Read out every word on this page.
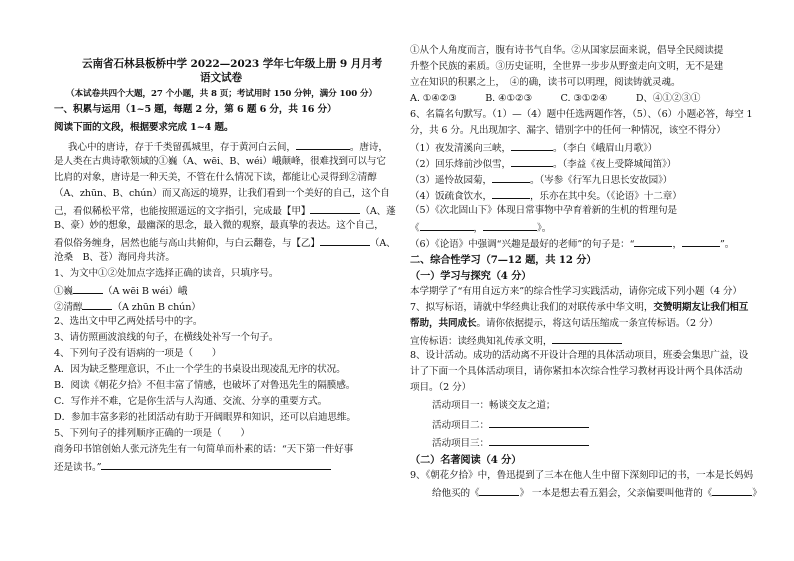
云南省石林县板桥中学 2022—2023 学年七年级上册 9 月月考
语文试卷
（本试卷共四个大题，27 个小题，共 8 页；考试用时 150 分钟，满分 100 分）
一、积累与运用（1~5 题，每题 2 分，第 6 题 6 分，共 16 分）
阅读下面的文段，根据要求完成 1~4 题。
我心中的唐诗，存于千类留孤城里，存于黄河白云间，	。唐诗，
是人类在古典诗歌领域的①巍（A、wēi、B、wéi）峨颠峰，很难找到可以与它
比肩的对象，唐诗是一种天美，不管在什么情况下读，都能让心灵得到②清醇
（A、zhūn、B、chún）而又高远的境界，让我们看到一个美好的自己，这个自
己，看似稀松平常，也能按照遥远的文字指引，完成最【甲】	（A、蓬
B、豪）妙的想象，最幽深的思念，最入微的观察，最真挚的表达。这个自己，
看似俗务缠身，居然也能与高山共俯仰，与白云翻卷，与【乙】	（A、
沧桑　B、苍）海同舟共济。
1、为文中①②处加点字选择正确的读音，只填序号。
①巍	（A wēi B wéi）峨
②清醇	（A zhūn B chún）
2、选出文中甲乙两处括号中的字。
3、请仿照画波浪线的句子，在横线处补写一个句子。
4、下列句子没有语病的一项是（　　）
A．因为缺乏整理意识，不止一个学生的书桌设出现凌乱无序的状况。
B．阅读《朝花夕拾》不但丰富了情感，也破坏了对鲁迅先生的隔膜感。
C．写作并不难，它是你生活与人沟通、交流、分享的重要方式。
D．参加丰富多彩的社团活动有助于开阔眼界和知识，还可以启迪思维。
5、下列句子的排列顺序正确的一项是（　　）
商务印书馆创始人张元济先生有一句简单而朴素的话：“天下第一件好事
还是读书。”
①从个人角度而言，腹有诗书气自华。②从国家层面来说，倡导全民阅读提
升整个民族的素质。③历史证明，全世界一步步从野蛮走向文明，无不是建
立在知识的积累之上，　④的确，读书可以明理，阅读铸就灵魂。
A. ①④②③　　　B. ④①②③　　　C. ③①②④　　　D、④①②③①
6、名篇名句默写。（1）—（4）题中任选两题作答，（5）、（6）小题必答，每空 1
分，共 6 分。凡出现加字、漏字、错别字中的任何一种情况，该空不得分）
（1）夜发清溪向三峡，	。（李白《峨眉山月歌》）
（2）回乐烽前沙似雪，	。（李益《夜上受降城闻笛》）
（3）遥怜故园菊，	。（岑参《行军九日思长安故园》）
（4）饭疏食饮水，	，乐亦在其中矣。（《论语》十二章）
（5）《次北固山下》体现日常事物中孕育着新的生机的哲理句是
《	，	》。
（6）《论语》中强调“兴趣是最好的老师”的句子是：“	，	”。
二、综合性学习（7—12 题，共 12 分）
（一）学习与探究（4 分）
本学期学了“有用自远方来”的综合性学习实践活动，请你完成下列小题（4 分）
7、拟写标语，请就中华经典让我们的对联传承中华文明，交赞明期友让我们相互
帮助，共同成长。请你依据提示，将这句话压缩成一条宣传标语。（2 分）
宣传标语：读经典知礼传承文明，
8、设计活动。成功的活动离不开设计合理的具体活动项目，班委会集思广益，设
计了下面一个具体活动项目，请你紧扣本次综合性学习教材再设计两个具体活动
项目。（2 分）
活动项目一：畅谈交友之道；
活动项目二：
活动项目三：
（二）名著阅读（4 分）
9、《朝花夕拾》中，鲁迅提到了三本在他人生中留下深刻印记的书，一本是长妈妈
给他买的《	》 一本是想去看五猖会，父亲偏要叫他背的《	》
